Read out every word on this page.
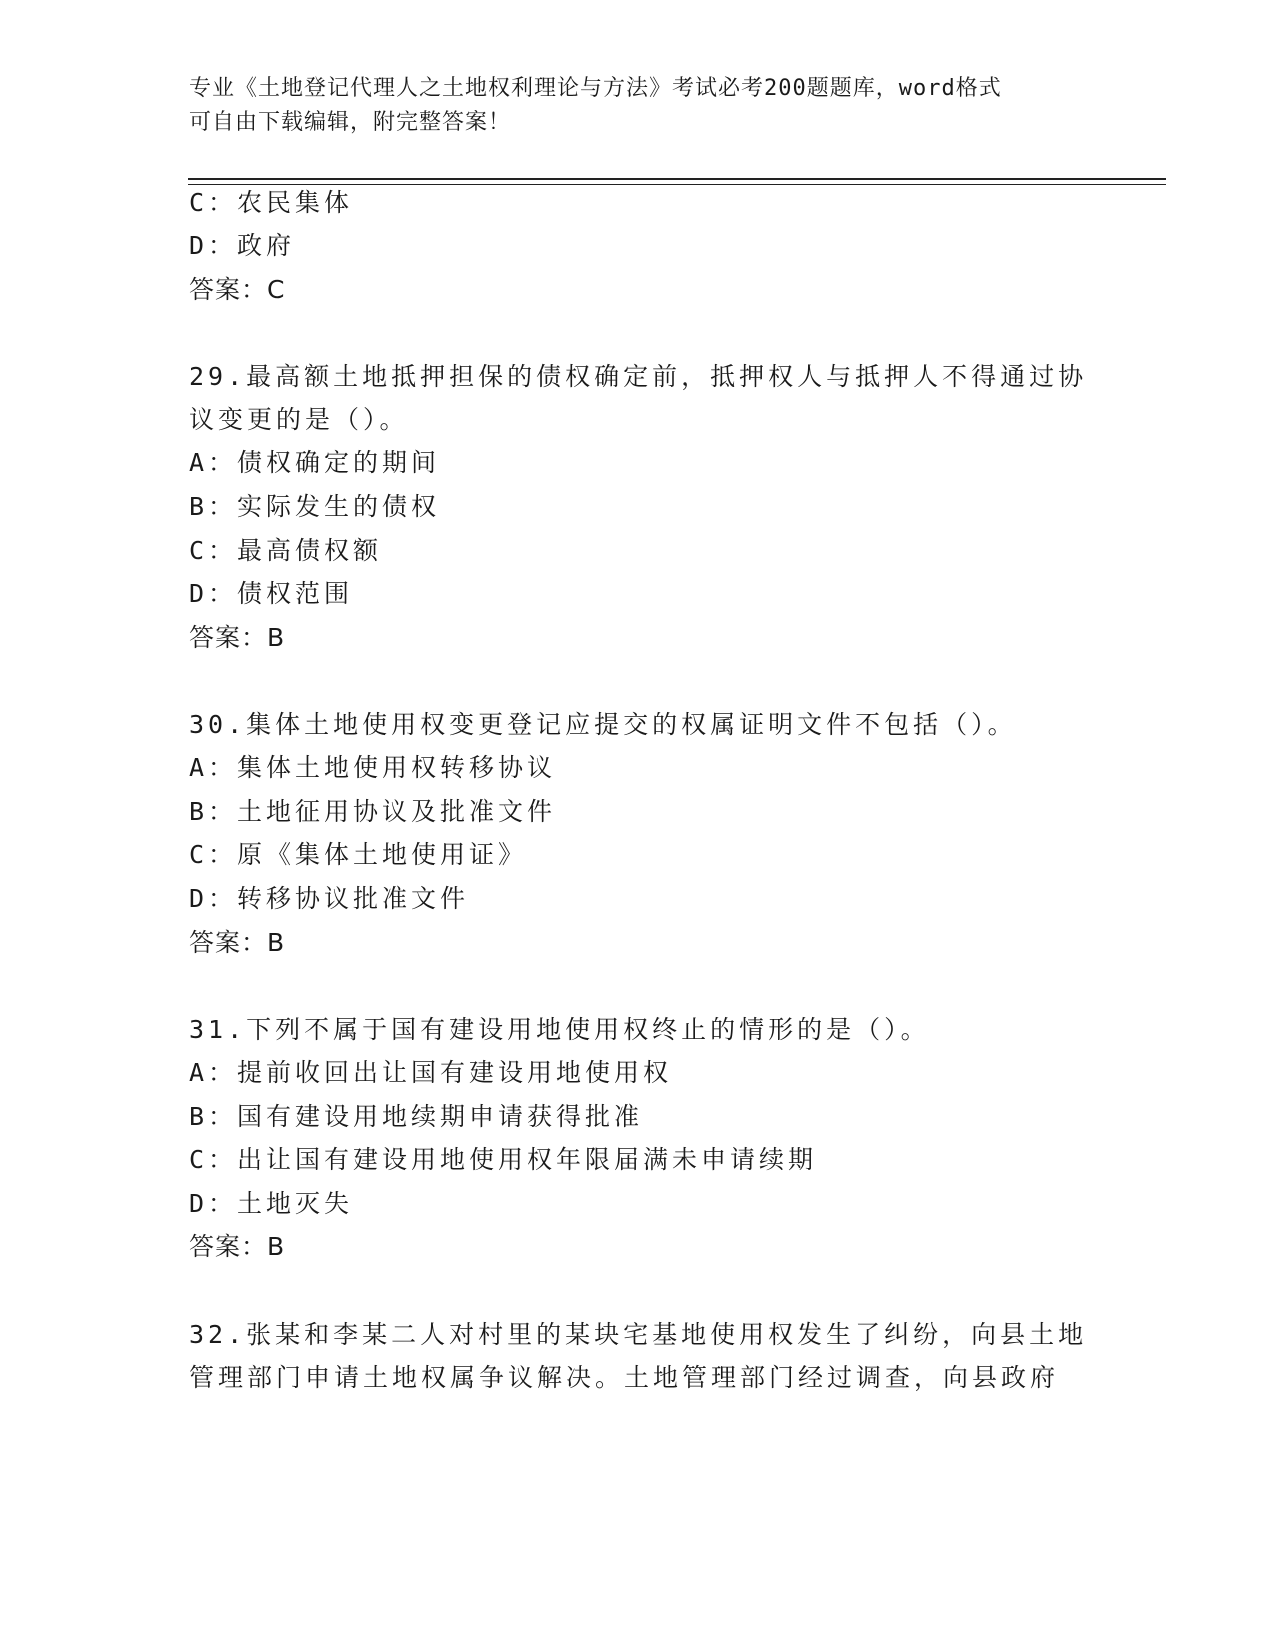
专业《土地登记代理人之土地权利理论与方法》考试必考200题题库，word格式
可自由下载编辑，附完整答案！
C：农民集体
D：政府
答案：C
29.最高额土地抵押担保的债权确定前，抵押权人与抵押人不得通过协
议变更的是（）。
A：债权确定的期间
B：实际发生的债权
C：最高债权额
D：债权范围
答案：B
30.集体土地使用权变更登记应提交的权属证明文件不包括（）。
A：集体土地使用权转移协议
B：土地征用协议及批准文件
C：原《集体土地使用证》
D：转移协议批准文件
答案：B
31.下列不属于国有建设用地使用权终止的情形的是（）。
A：提前收回出让国有建设用地使用权
B：国有建设用地续期申请获得批准
C：出让国有建设用地使用权年限届满未申请续期
D：土地灭失
答案：B
32.张某和李某二人对村里的某块宅基地使用权发生了纠纷，向县土地
管理部门申请土地权属争议解决。土地管理部门经过调查，向县政府
